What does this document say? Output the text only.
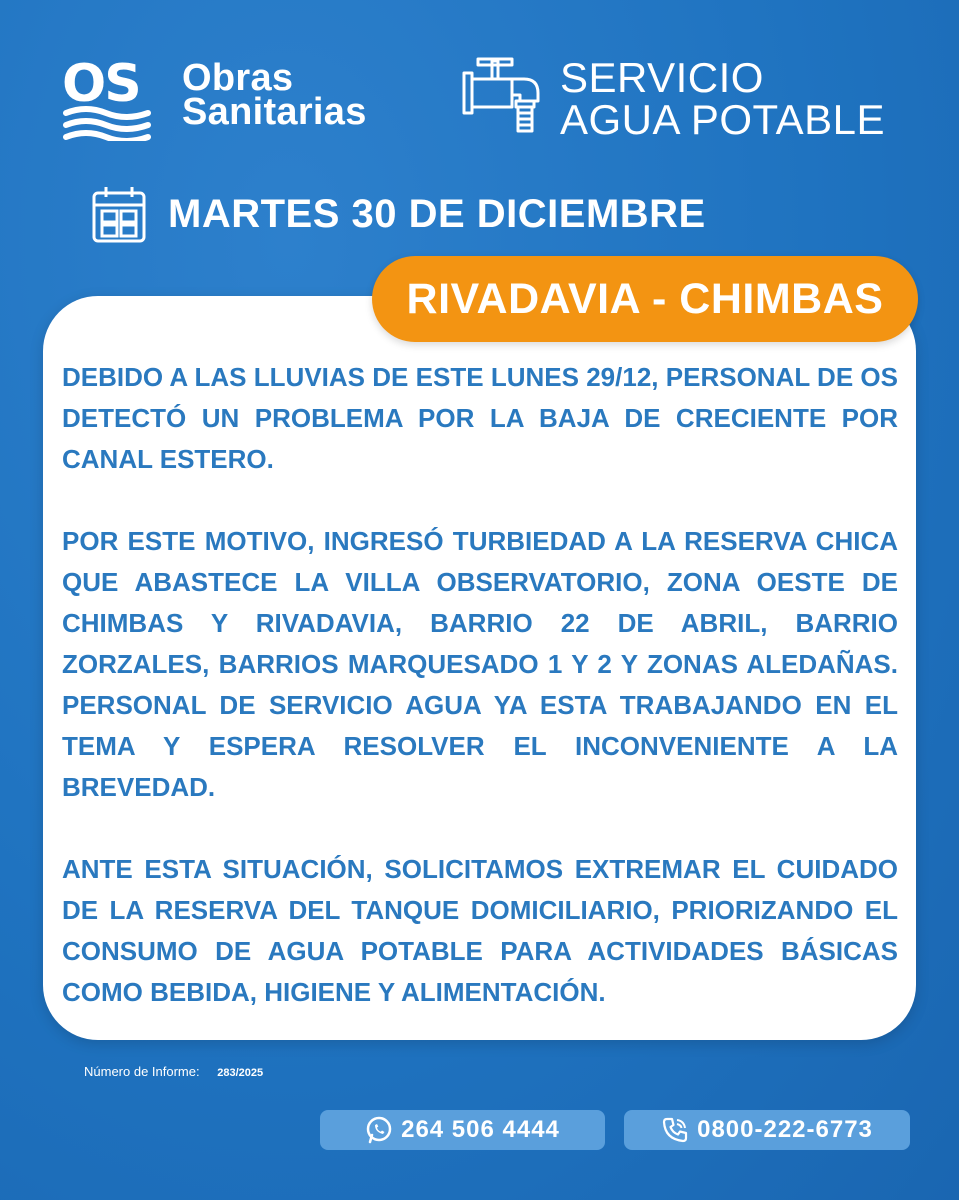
OS Obras
Sanitarias
SERVICIO
AGUA POTABLE
MARTES 30 DE DICIEMBRE
RIVADAVIA - CHIMBAS

DEBIDO A LAS LLUVIAS DE ESTE LUNES 29/12, PERSONAL DE OS DETECTÓ UN PROBLEMA POR LA BAJA DE CRECIENTE POR CANAL ESTERO.

POR ESTE MOTIVO, INGRESÓ TURBIEDAD A LA RESERVA CHICA QUE ABASTECE LA VILLA OBSERVATORIO, ZONA OESTE DE CHIMBAS Y RIVADAVIA, BARRIO 22 DE ABRIL, BARRIO ZORZALES, BARRIOS MARQUESADO 1 Y 2 Y ZONAS ALEDAÑAS. PERSONAL DE SERVICIO AGUA YA ESTA TRABAJANDO EN EL TEMA Y ESPERA RESOLVER EL INCONVENIENTE A LA BREVEDAD.

ANTE ESTA SITUACIÓN, SOLICITAMOS EXTREMAR EL CUIDADO DE LA RESERVA DEL TANQUE DOMICILIARIO, PRIORIZANDO EL CONSUMO DE AGUA POTABLE PARA ACTIVIDADES BÁSICAS COMO BEBIDA, HIGIENE Y ALIMENTACIÓN.

Número de Informe: 283/2025
264 506 4444	0800-222-6773
